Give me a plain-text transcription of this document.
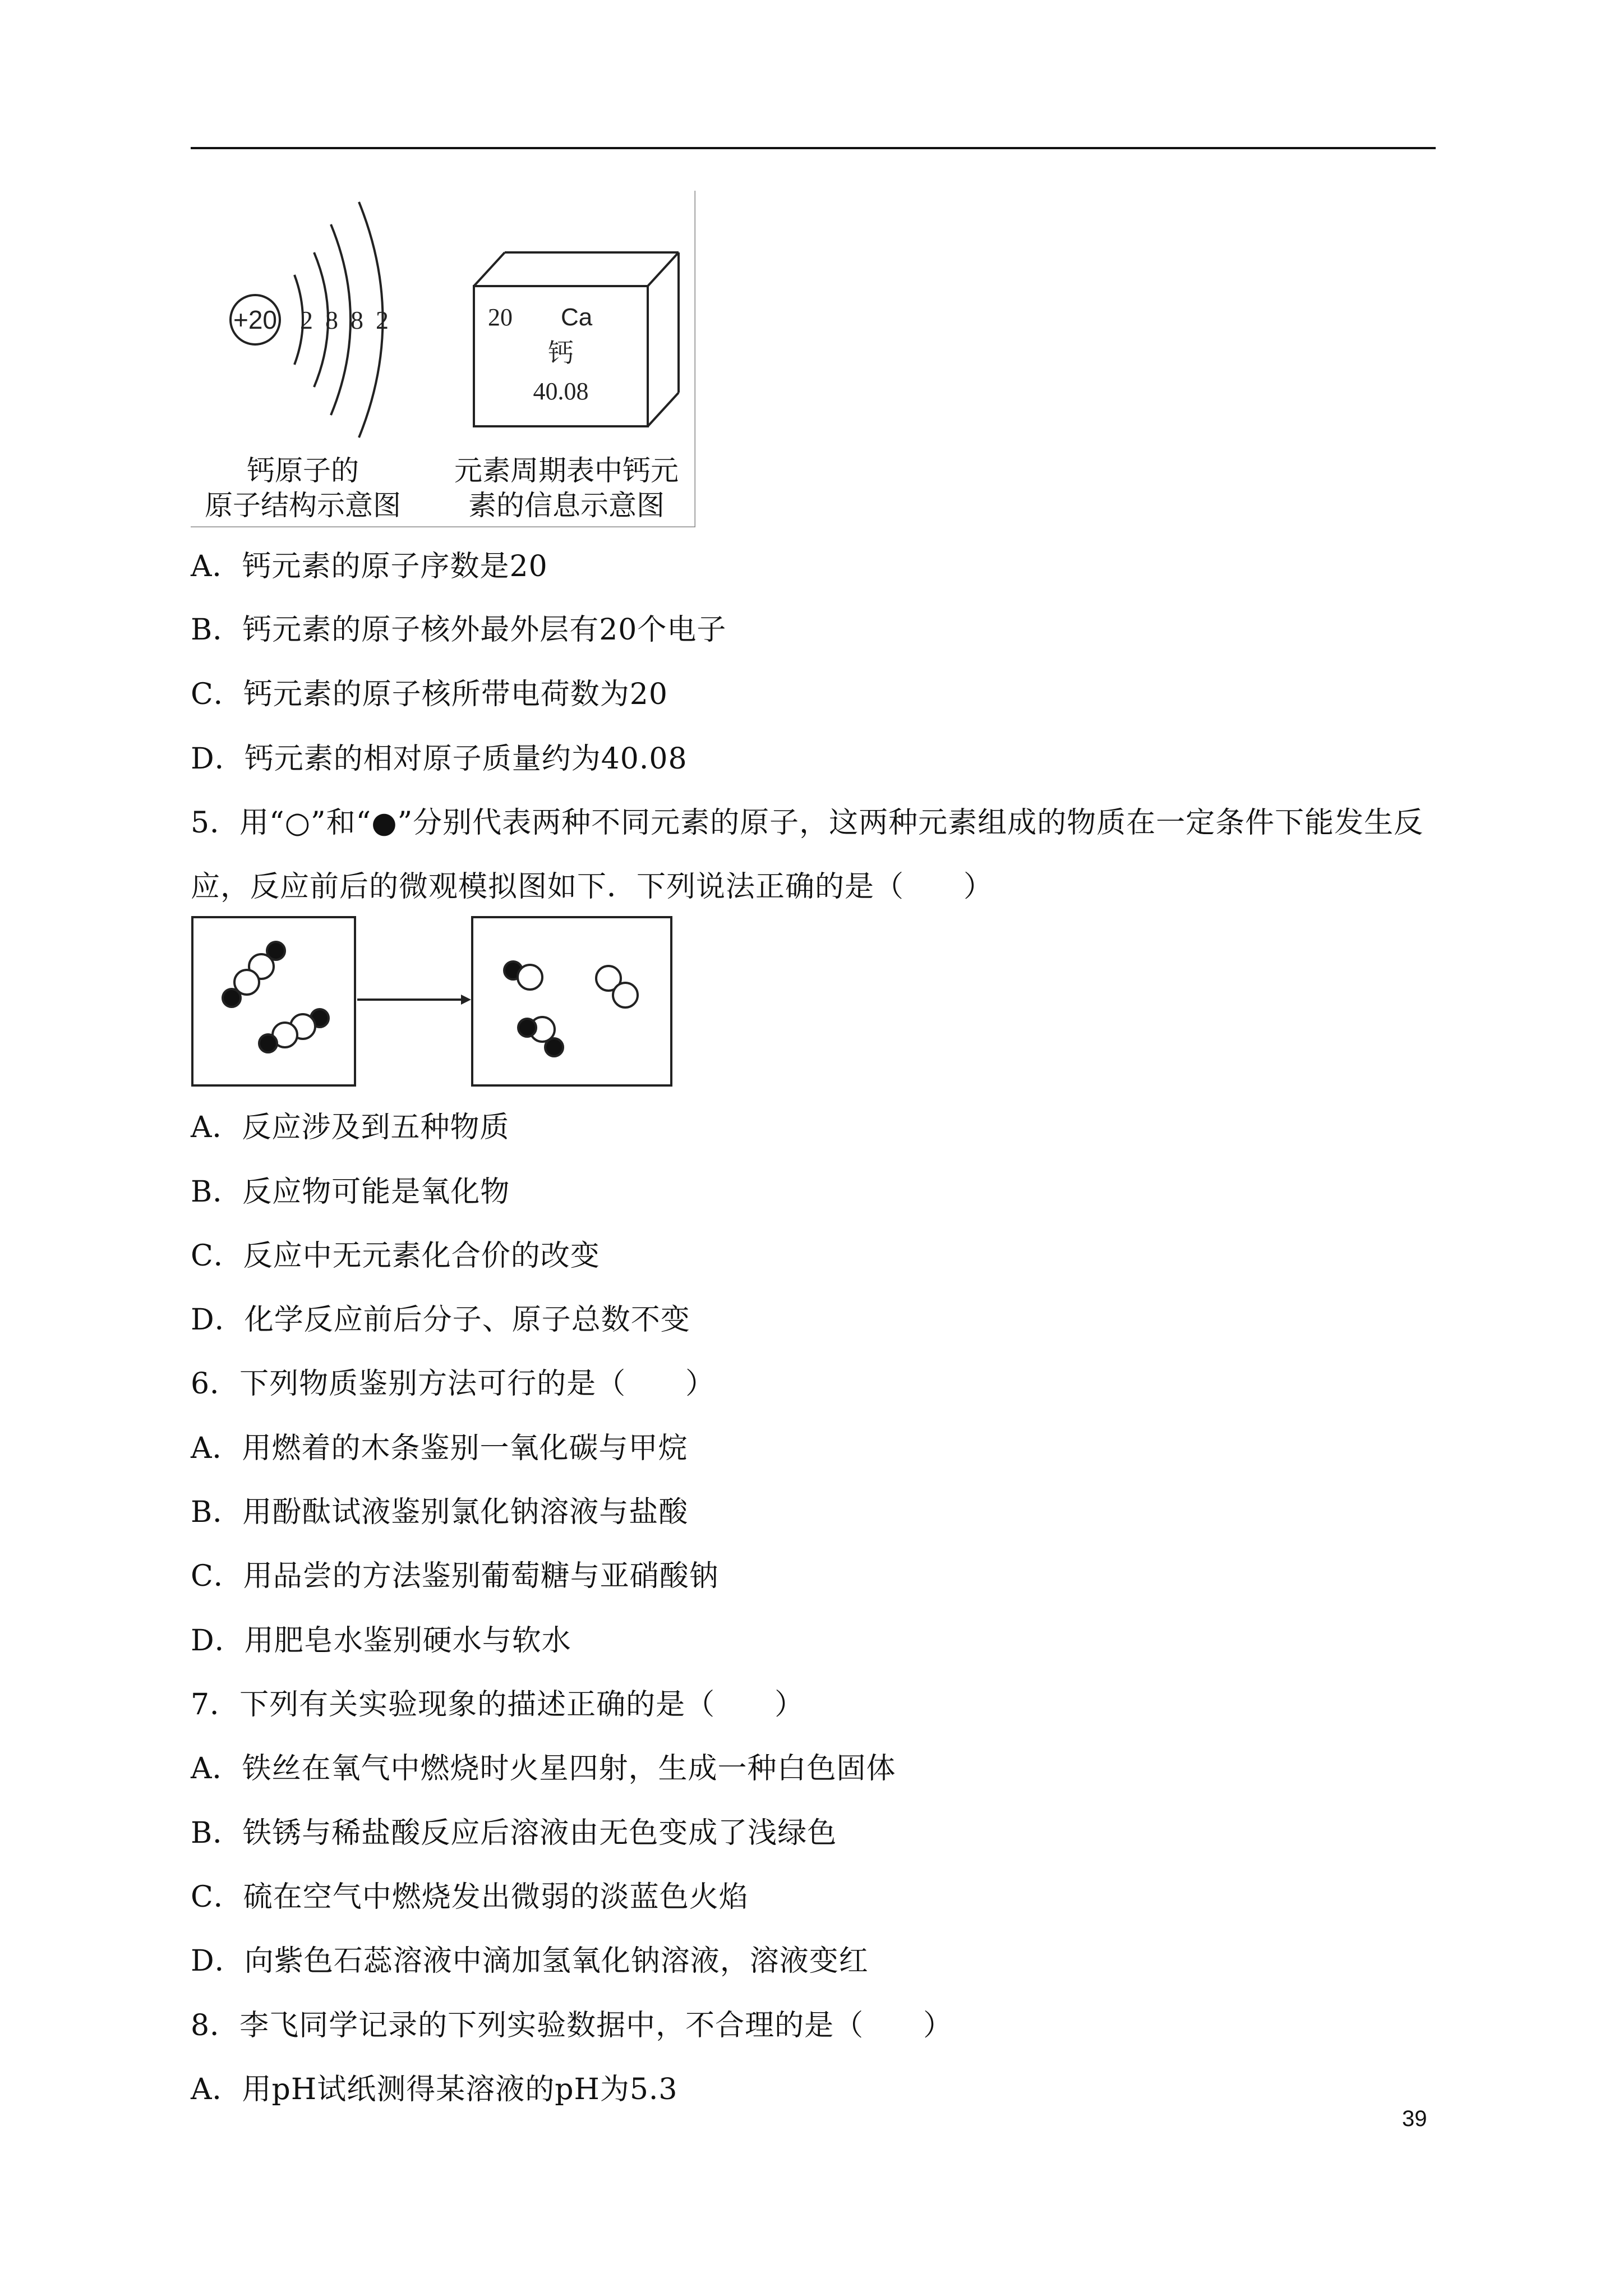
+20 2 8 8 2	20 Ca
钙
40.08
钙原子的
原子结构示意图
元素周期表中钙元
素的信息示意图
A．钙元素的原子序数是20
B．钙元素的原子核外最外层有20个电子
C．钙元素的原子核所带电荷数为20
D．钙元素的相对原子质量约为40.08
5．用“○”和“●”分别代表两种不同元素的原子，这两种元素组成的物质在一定条件下能发生反
应，反应前后的微观模拟图如下．下列说法正确的是（　　）
A．反应涉及到五种物质
B．反应物可能是氧化物
C．反应中无元素化合价的改变
D．化学反应前后分子、原子总数不变
6．下列物质鉴别方法可行的是（　　）
A．用燃着的木条鉴别一氧化碳与甲烷
B．用酚酞试液鉴别氯化钠溶液与盐酸
C．用品尝的方法鉴别葡萄糖与亚硝酸钠
D．用肥皂水鉴别硬水与软水
7．下列有关实验现象的描述正确的是（　　）
A．铁丝在氧气中燃烧时火星四射，生成一种白色固体
B．铁锈与稀盐酸反应后溶液由无色变成了浅绿色
C．硫在空气中燃烧发出微弱的淡蓝色火焰
D．向紫色石蕊溶液中滴加氢氧化钠溶液，溶液变红
8．李飞同学记录的下列实验数据中，不合理的是（　　）
A．用pH试纸测得某溶液的pH为5.3
39
